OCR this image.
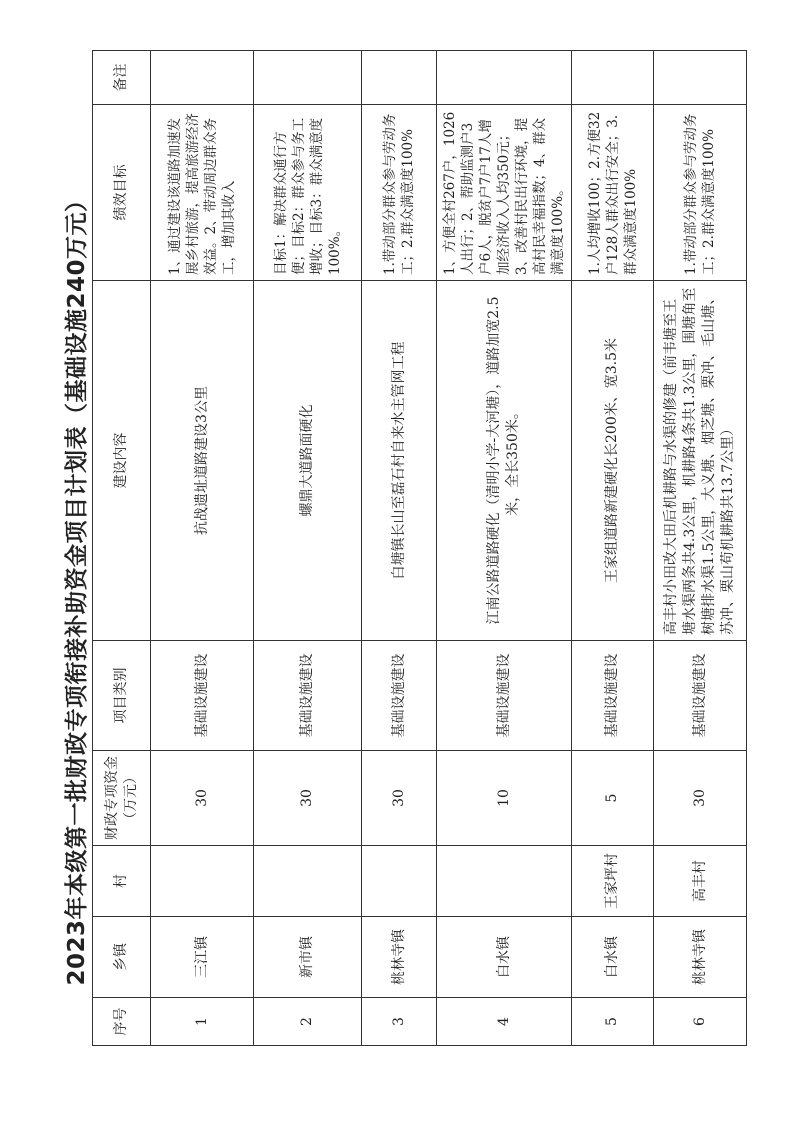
2023年本级第一批财政专项衔接补助资金项目计划表（基础设施240万元）
序号	乡镇	村	财政专项资金（万元）	项目类别	建设内容	绩效目标	备注
1	三江镇		30	基础设施建设	抗战遗址道路建设3公里	1、通过建设该道路加速发展乡村旅游，提高旅游经济效益。2、带动周边群众务工，增加其收入	
2	新市镇		30	基础设施建设	螺鼎大道路面硬化	目标1：解决群众通行方便；目标2：群众参与务工增收；目标3：群众满意度100%。	
3	桃林寺镇		30	基础设施建设	白塘镇长山至磊石村自来水主管网工程	1.带动部分群众参与劳动务工；2.群众满意度100%	
4	白水镇		10	基础设施建设	江南公路道路硬化（清明小学-大河塘），道路加宽2.5米，全长350米。	1、方便全村267户，1026人出行；2、帮助监测户3户6人，脱贫户7户17人增加经济收入人均350元；3、改善村民出行环境，提高村民幸福指数；4、群众满意度100%。	
5	白水镇	王家坪村	5	基础设施建设	王家组道路新建硬化长200米、宽3.5米	1.人均增收100；2.方便32户128人群众出行安全；3.群众满意度100%	
6	桃林寺镇	高丰村	30	基础设施建设	高丰村小田改大田后机耕路与水渠的修建（前韦塘至王塘水渠两条共4.3公里，机耕路4条共1.3公里，围塘角至树塘排水渠1.5公里，大义塘、烟芝塘、栗冲、毛山塘、苏冲、栗山苟机耕路共13.7公里）	1.带动部分群众参与劳动务工；2.群众满意度100%	
